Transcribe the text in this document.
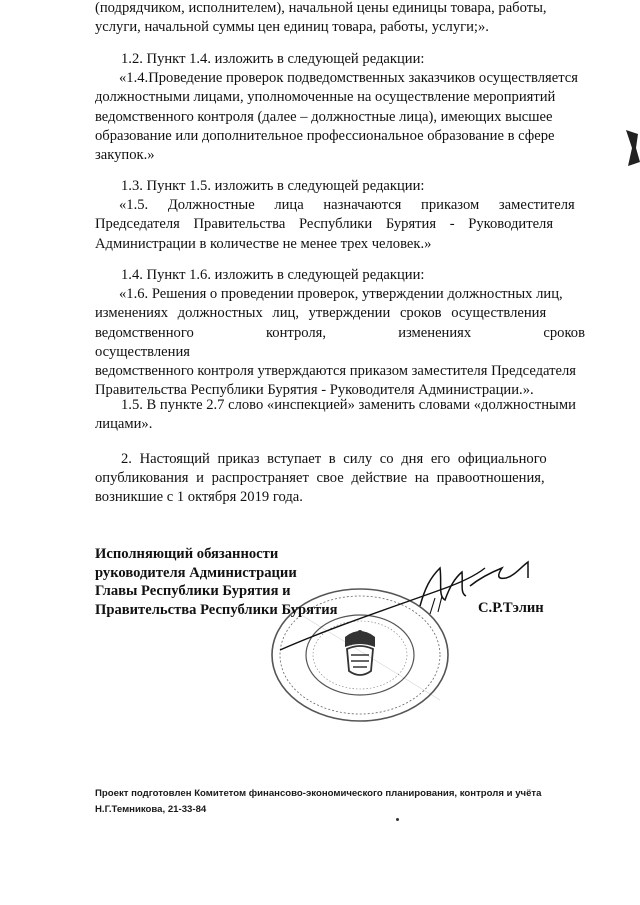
(подрядчиком, исполнителем), начальной цены единицы товара, работы,
услуги, начальной суммы цен единиц товара, работы, услуги;».
1.2. Пункт 1.4. изложить в следующей редакции:
«1.4.Проведение проверок подведомственных заказчиков осуществляется
должностными лицами, уполномоченные на осуществление мероприятий
ведомственного контроля (далее – должностные лица), имеющих высшее
образование или дополнительное профессиональное образование в сфере
закупок.»
1.3. Пункт 1.5. изложить в следующей редакции:
«1.5. Должностные лица назначаются приказом заместителя
Председателя Правительства Республики Бурятия - Руководителя
Администрации в количестве не менее трех человек.»
1.4. Пункт 1.6. изложить в следующей редакции:
«1.6. Решения о проведении проверок, утверждении должностных лиц,
изменениях должностных лиц, утверждении сроков осуществления
ведомственного контроля, изменениях сроков осуществления
ведомственного контроля утверждаются приказом заместителя Председателя
Правительства Республики Бурятия - Руководителя Администрации.».
1.5. В пункте 2.7 слово «инспекцией» заменить словами «должностными
лицами».
2. Настоящий приказ вступает в силу со дня его официального
опубликования и распространяет свое действие на правоотношения,
возникшие с 1 октября 2019 года.
Исполняющий обязанности
руководителя Администрации
Главы Республики Бурятия и
Правительства Республики Бурятия	С.Р.Тэлин
Проект подготовлен Комитетом финансово-экономического планирования, контроля и учёта
Н.Г.Темникова, 21-33-84
